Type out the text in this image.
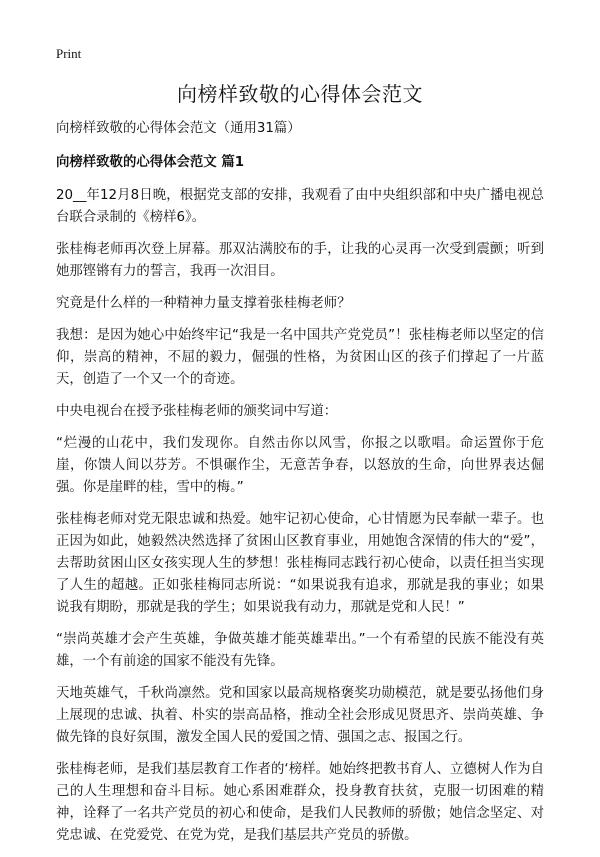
Print
向榜样致敬的心得体会范文

向榜样致敬的心得体会范文（通用31篇）

向榜样致敬的心得体会范文 篇1

20__年12月8日晚，根据党支部的安排，我观看了由中央组织部和中央广播电视总台联合录制的《榜样6》。

张桂梅老师再次登上屏幕。那双沾满胶布的手，让我的心灵再一次受到震颤；听到她那铿锵有力的誓言，我再一次泪目。

究竟是什么样的一种精神力量支撑着张桂梅老师？

我想：是因为她心中始终牢记“我是一名中国共产党党员”！张桂梅老师以坚定的信仰，崇高的精神，不屈的毅力，倔强的性格，为贫困山区的孩子们撑起了一片蓝天，创造了一个又一个的奇迹。

中央电视台在授予张桂梅老师的颁奖词中写道：

“烂漫的山花中，我们发现你。自然击你以风雪，你报之以歌唱。命运置你于危崖，你馈人间以芬芳。不惧碾作尘，无意苦争春，以怒放的生命，向世界表达倔强。你是崖畔的桂，雪中的梅。”

张桂梅老师对党无限忠诚和热爱。她牢记初心使命，心甘情愿为民奉献一辈子。也正因为如此，她毅然决然选择了贫困山区教育事业，用她饱含深情的伟大的“爱”，去帮助贫困山区女孩实现人生的梦想！张桂梅同志践行初心使命，以责任担当实现了人生的超越。正如张桂梅同志所说：“如果说我有追求，那就是我的事业；如果说我有期盼，那就是我的学生；如果说我有动力，那就是党和人民！”

“崇尚英雄才会产生英雄，争做英雄才能英雄辈出。”一个有希望的民族不能没有英雄，一个有前途的国家不能没有先锋。

天地英雄气，千秋尚凛然。党和国家以最高规格褒奖功勋模范，就是要弘扬他们身上展现的忠诚、执着、朴实的崇高品格，推动全社会形成见贤思齐、崇尚英雄、争做先锋的良好氛围，激发全国人民的爱国之情、强国之志、报国之行。

张桂梅老师，是我们基层教育工作者的‘榜样。她始终把教书育人、立德树人作为自己的人生理想和奋斗目标。她心系困难群众，投身教育扶贫，克服一切困难的精神，诠释了一名共产党员的初心和使命，是我们人民教师的骄傲；她信念坚定、对党忠诚、在党爱党、在党为党，是我们基层共产党员的骄傲。
